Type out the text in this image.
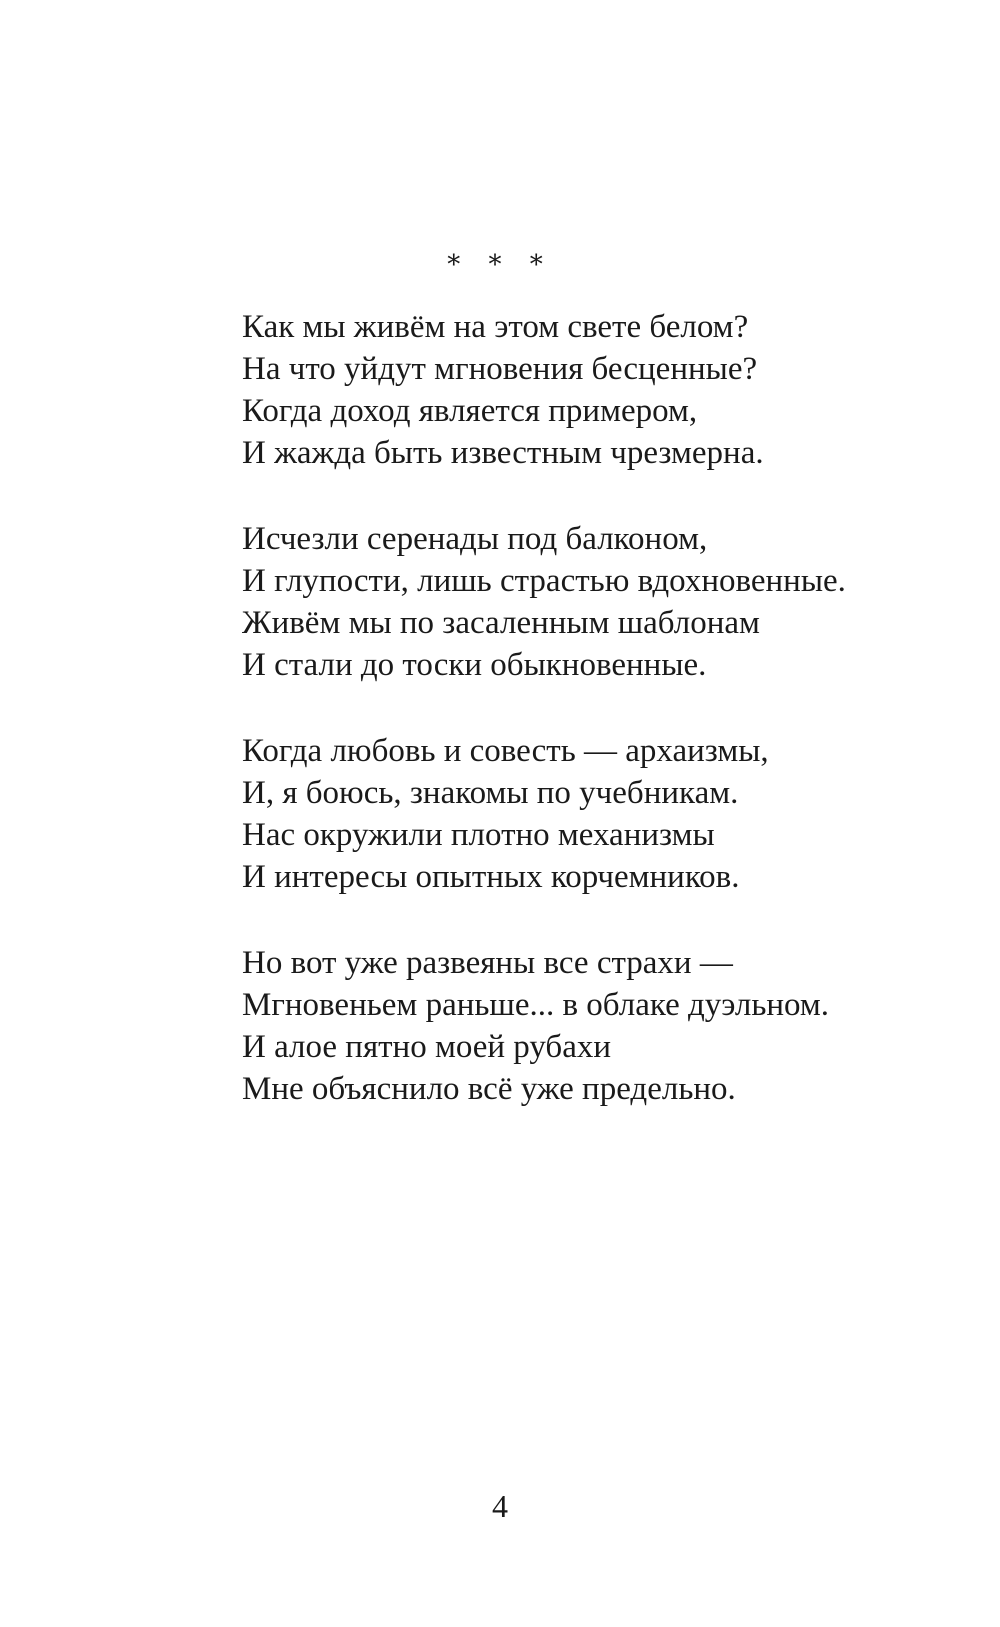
* * *
Как мы живём на этом свете белом?
На что уйдут мгновения бесценные?
Когда доход является примером,
И жажда быть известным чрезмерна.
Исчезли серенады под балконом,
И глупости, лишь страстью вдохновенные.
Живём мы по засаленным шаблонам
И стали до тоски обыкновенные.
Когда любовь и совесть — архаизмы,
И, я боюсь, знакомы по учебникам.
Нас окружили плотно механизмы
И интересы опытных корчемников.
Но вот уже развеяны все страхи —
Мгновеньем раньше... в облаке дуэльном.
И алое пятно моей рубахи
Мне объяснило всё уже предельно.
4
